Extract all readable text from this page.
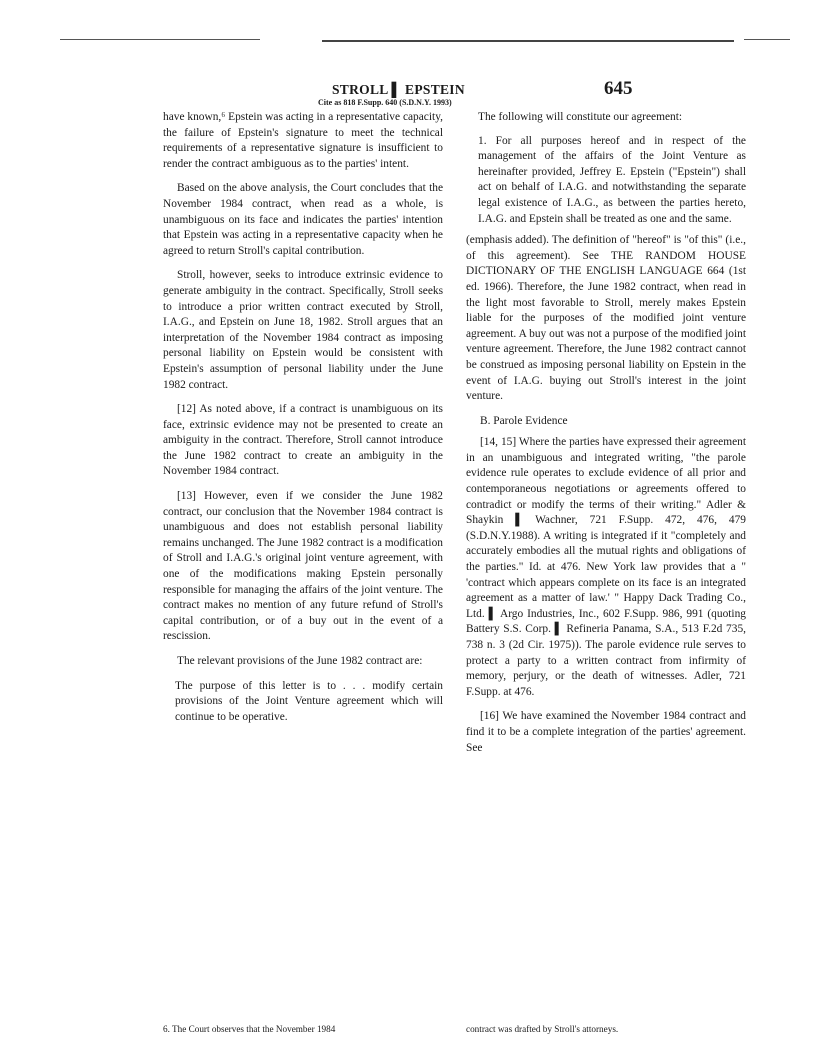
STROLL ▌ EPSTEIN	645
Cite as 818 F.Supp. 640 (S.D.N.Y. 1993)

have known,⁶ Epstein was acting in a representative capacity, the failure of Epstein's signature to meet the technical requirements of a representative signature is insufficient to render the contract ambiguous as to the parties' intent.

Based on the above analysis, the Court concludes that the November 1984 contract, when read as a whole, is unambiguous on its face and indicates the parties' intention that Epstein was acting in a representative capacity when he agreed to return Stroll's capital contribution.

Stroll, however, seeks to introduce extrinsic evidence to generate ambiguity in the contract. Specifically, Stroll seeks to introduce a prior written contract executed by Stroll, I.A.G., and Epstein on June 18, 1982. Stroll argues that an interpretation of the November 1984 contract as imposing personal liability on Epstein would be consistent with Epstein's assumption of personal liability under the June 1982 contract.

[12] As noted above, if a contract is unambiguous on its face, extrinsic evidence may not be presented to create an ambiguity in the contract. Therefore, Stroll cannot introduce the June 1982 contract to create an ambiguity in the November 1984 contract.

[13] However, even if we consider the June 1982 contract, our conclusion that the November 1984 contract is unambiguous and does not establish personal liability remains unchanged. The June 1982 contract is a modification of Stroll and I.A.G.'s original joint venture agreement, with one of the modifications making Epstein personally responsible for managing the affairs of the joint venture. The contract makes no mention of any future refund of Stroll's capital contribution, or of a buy out in the event of a rescission.

The relevant provisions of the June 1982 contract are:

The purpose of this letter is to . . . modify certain provisions of the Joint Venture agreement which will continue to be operative.

The following will constitute our agreement:

1. For all purposes hereof and in respect of the management of the affairs of the Joint Venture as hereinafter provided, Jeffrey E. Epstein ("Epstein") shall act on behalf of I.A.G. and notwithstanding the separate legal existence of I.A.G., as between the parties hereto, I.A.G. and Epstein shall be treated as one and the same.

(emphasis added). The definition of "hereof" is "of this" (i.e., of this agreement). See THE RANDOM HOUSE DICTIONARY OF THE ENGLISH LANGUAGE 664 (1st ed. 1966). Therefore, the June 1982 contract, when read in the light most favorable to Stroll, merely makes Epstein liable for the purposes of the modified joint venture agreement. A buy out was not a purpose of the modified joint venture agreement. Therefore, the June 1982 contract cannot be construed as imposing personal liability on Epstein in the event of I.A.G. buying out Stroll's interest in the joint venture.

B. Parole Evidence

[14, 15] Where the parties have expressed their agreement in an unambiguous and integrated writing, "the parole evidence rule operates to exclude evidence of all prior and contemporaneous negotiations or agreements offered to contradict or modify the terms of their writing." Adler & Shaykin ▌ Wachner, 721 F.Supp. 472, 476, 479 (S.D.N.Y.1988). A writing is integrated if it "completely and accurately embodies all the mutual rights and obligations of the parties." Id. at 476. New York law provides that a " 'contract which appears complete on its face is an integrated agreement as a matter of law.' " Happy Dack Trading Co., Ltd. ▌ Argo Industries, Inc., 602 F.Supp. 986, 991 (quoting Battery S.S. Corp. ▌ Refineria Panama, S.A., 513 F.2d 735, 738 n. 3 (2d Cir. 1975)). The parole evidence rule serves to protect a party to a written contract from infirmity of memory, perjury, or the death of witnesses. Adler, 721 F.Supp. at 476.

[16] We have examined the November 1984 contract and find it to be a complete integration of the parties' agreement. See

6. The Court observes that the November 1984	contract was drafted by Stroll's attorneys.
